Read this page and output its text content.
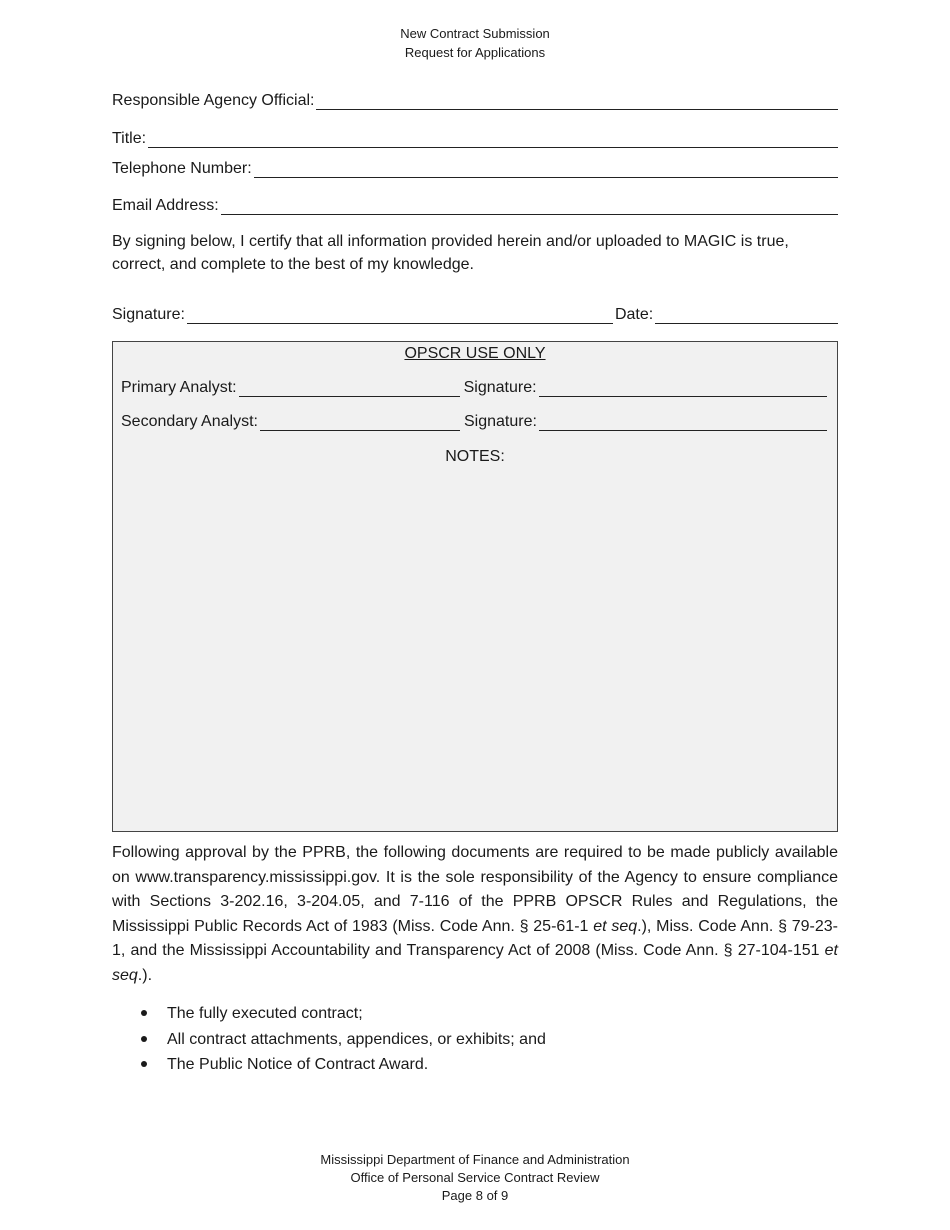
New Contract Submission
Request for Applications
Responsible Agency Official:
Title:
Telephone Number:
Email Address:
By signing below, I certify that all information provided herein and/or uploaded to MAGIC is true, correct, and complete to the best of my knowledge.
Signature:	Date:
OPSCR USE ONLY
Primary Analyst:	Signature:
Secondary Analyst:	Signature:
NOTES:
Following approval by the PPRB, the following documents are required to be made publicly available on www.transparency.mississippi.gov. It is the sole responsibility of the Agency to ensure compliance with Sections 3-202.16, 3-204.05, and 7-116 of the PPRB OPSCR Rules and Regulations, the Mississippi Public Records Act of 1983 (Miss. Code Ann. § 25-61-1 et seq.), Miss. Code Ann. § 79-23-1, and the Mississippi Accountability and Transparency Act of 2008 (Miss. Code Ann. § 27-104-151 et seq.).
The fully executed contract;
All contract attachments, appendices, or exhibits; and
The Public Notice of Contract Award.
Mississippi Department of Finance and Administration
Office of Personal Service Contract Review
Page 8 of 9
